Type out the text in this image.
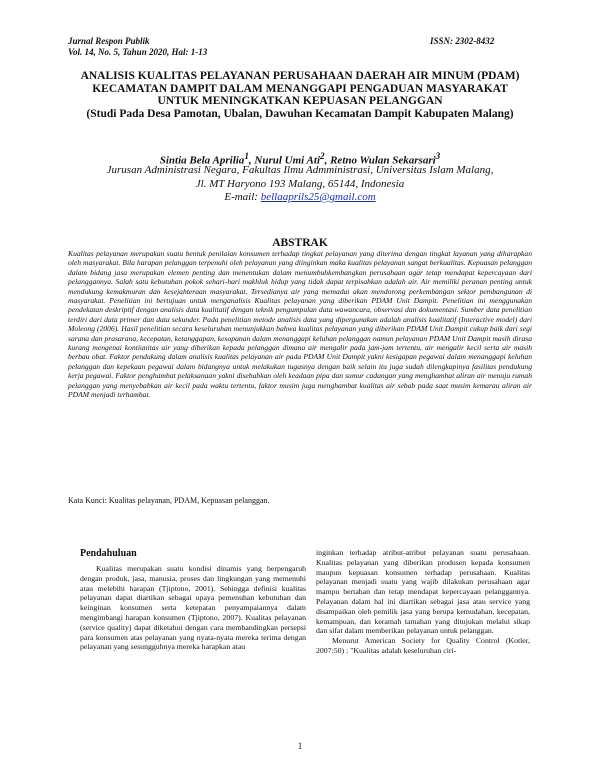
Jurnal Respon Publik
Vol. 14, No. 5, Tahun 2020, Hal: 1-13
ISSN: 2302-8432
ANALISIS KUALITAS PELAYANAN PERUSAHAAN DAERAH AIR MINUM (PDAM)
KECAMATAN DAMPIT DALAM MENANGGAPI PENGADUAN MASYARAKAT
UNTUK MENINGKATKAN KEPUASAN PELANGGAN
(Studi Pada Desa Pamotan, Ubalan, Dawuhan Kecamatan Dampit Kabupaten Malang)
Sintia Bela Aprilia$^1$, Nurul Umi Ati$^2$, Retno Wulan Sekarsari$^3$
Jurusan Administrasi Negara, Fakultas Ilmu Admministrasi, Universitas Islam Malang,
Jl. MT Haryono 193 Malang, 65144, Indonesia
E-mail: bellaaprils25@gmail.com
ABSTRAK

Kualitas pelayanan merupakan suatu bentuk penilaian konsumen terhadap tingkat pelayanan yang diterima dengan tingkat layanan yang diharapkan oleh masyarakat. Bila harapan pelanggan terpenuhi oleh pelayanan yang diinginkan maka kualitas pelayanan sangat berkualitas. Kepuasan pelanggan dalam bidang jasa merupakan elemen penting dan menentukan dalam menumbuhkembangkan perusahaan agar tetap mendapat kepercayaan dari pelanggannya. Salah satu kebutuhan pokok sehari-hari makhluk hidup yang tidak dapat terpisahkan adalah air. Air memiliki peranan penting untuk mendukung kemakmuran dan kesejahteraan masyarakat. Tersedianya air yang memadai akan mendorong perkembangan sektor pembangunan di masyarakat. Penelitian ini bertujuan untuk menganalisis Kualitas pelayanan yang diberikan PDAM Unit Dampit. Penelitian ini menggunakan pendekatan deskriptif dengan analisis data kualitatif dengan teknik pengumpulan data wawancara, observasi dan dokumentasi. Sumber data penelitian terdiri dari data primer dan data sekunder. Pada penelitian metode analisis data yang dipergunakan adalah analisis kualitatif (Interactive model) dari Moleong (2006). Hasil penelitian secara keseluruhan menunjukkan bahwa kualitas pelayanan yang diberikan PDAM Unit Dampit cukup baik dari segi sarana dan prasarana, kecepatan, ketanggapan, kesopanan dalam menanggapi keluhan pelanggan namun pelayanan PDAM Unit Dampit masih dirasa kurang mengenai kontiunitas air yang diberikan kepada pelanggan dimana air mengalir pada jam-jam tertentu, air mengalir kecil serta air masih berbau obat. Faktor pendukung dalam analisis kualitas pelayanan air pada PDAM Unit Dampit yakni kesigapan pegawai dalam menanggapi keluhan pelanggan dan kepekaan pegawai dalam bidangnya untuk melakukan tugasnya dengan baik selain itu juga sudah dilengkapinya fasilitas pendukung kerja pegawai. Faktor penghambat pelaksanaan yakni disebabkan oleh keadaan pipa dan sumur cadangan yang menghambat aliran air menuju rumah pelanggan yang menyebabkan air kecil pada waktu tertentu, faktor musim juga menghambat kualitas air sebab pada saat musim kemarau aliran air PDAM menjadi terhambat.

Kata Kunci: Kualitas pelayanan, PDAM, Kepuasan pelanggan.
Pendahuluan

Kualitas merupakan suatu kondisi dinamis yang berpengaruh dengan produk, jasa, manusia, proses dan lingkungan yang memenuhi atau melebihi harapan (Tjiptono, 2001). Sehingga definisi kualitas pelayanan dapat diartikan sebagai upaya pemenuhan kebutuhan dan keinginan konsumen serta ketepatan penyampaiannya dalam mengimbangi harapan konsumen (Tjiptono, 2007). Kualitas pelayanan (service quality) dapat diketahui dengan cara membandingkan persepsi para konsumen atas pelayanan yang nyata-nyata mereka terima dengan pelayanan yang sesungguhnya mereka harapkan atau

inginkan terhadap atribut-atribut pelayanan suatu perusahaan. Kualitas pelayanan yang diberikan produsen kepada konsumen maupun kepuasan konsumen terhadap perusahaan. Kualitas pelayanan menjadi suatu yang wajib dilakukan perusahaan agar mampu bertahan dan tetap mendapat kepercayaan pelanggannya. Pelayanan dalam hal ini diartikan sebagai jasa atau service yang disampaikan oleh pemilik jasa yang berupa kemudahan, kecepatan, kemampuan, dan keramah tamahan yang ditujukan melalui sikap dan sifat dalam memberikan pelayanan untuk pelanggan.

Menurut American Society for Quality Control (Kotler, 2007:50) : "Kualitas adalah keseluruhan ciri-

1
